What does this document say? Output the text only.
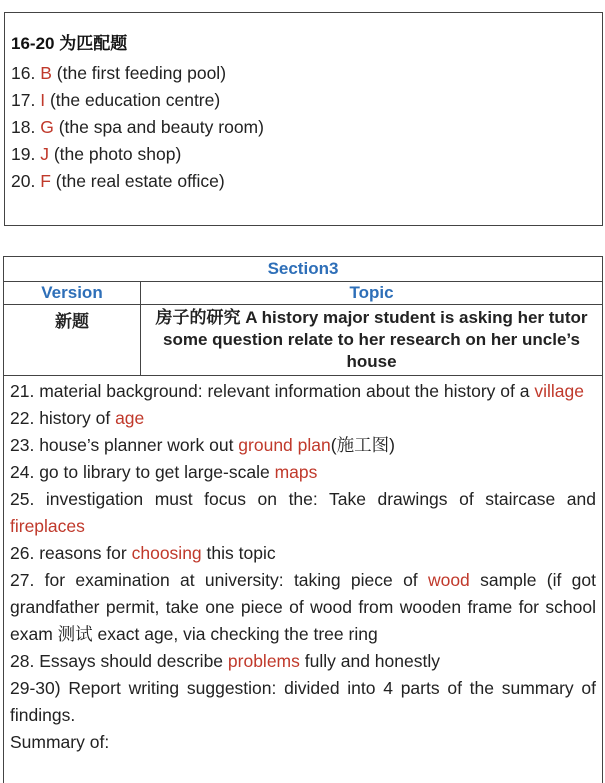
16-20 为匹配题
16. B (the first feeding pool)
17. I (the education centre)
18. G (the spa and beauty room)
19. J (the photo shop)
20. F (the real estate office)
Section3
Version	Topic
新题	房子的研究 A history major student is asking her tutor some question relate to her research on her uncle’s house

21. material background: relevant information about the history of a village

22. history of age

23. house’s planner work out ground plan(施工图)

24. go to library to get large-scale maps

25. investigation must focus on the: Take drawings of staircase and fireplaces

26. reasons for choosing this topic

27. for examination at university: taking piece of wood sample (if got grandfather permit, take one piece of wood from wooden frame for school exam 测试 exact age, via checking the tree ring

28. Essays should describe problems fully and honestly

29-30) Report writing suggestion: divided into 4 parts of the summary of findings.

Summary of:
